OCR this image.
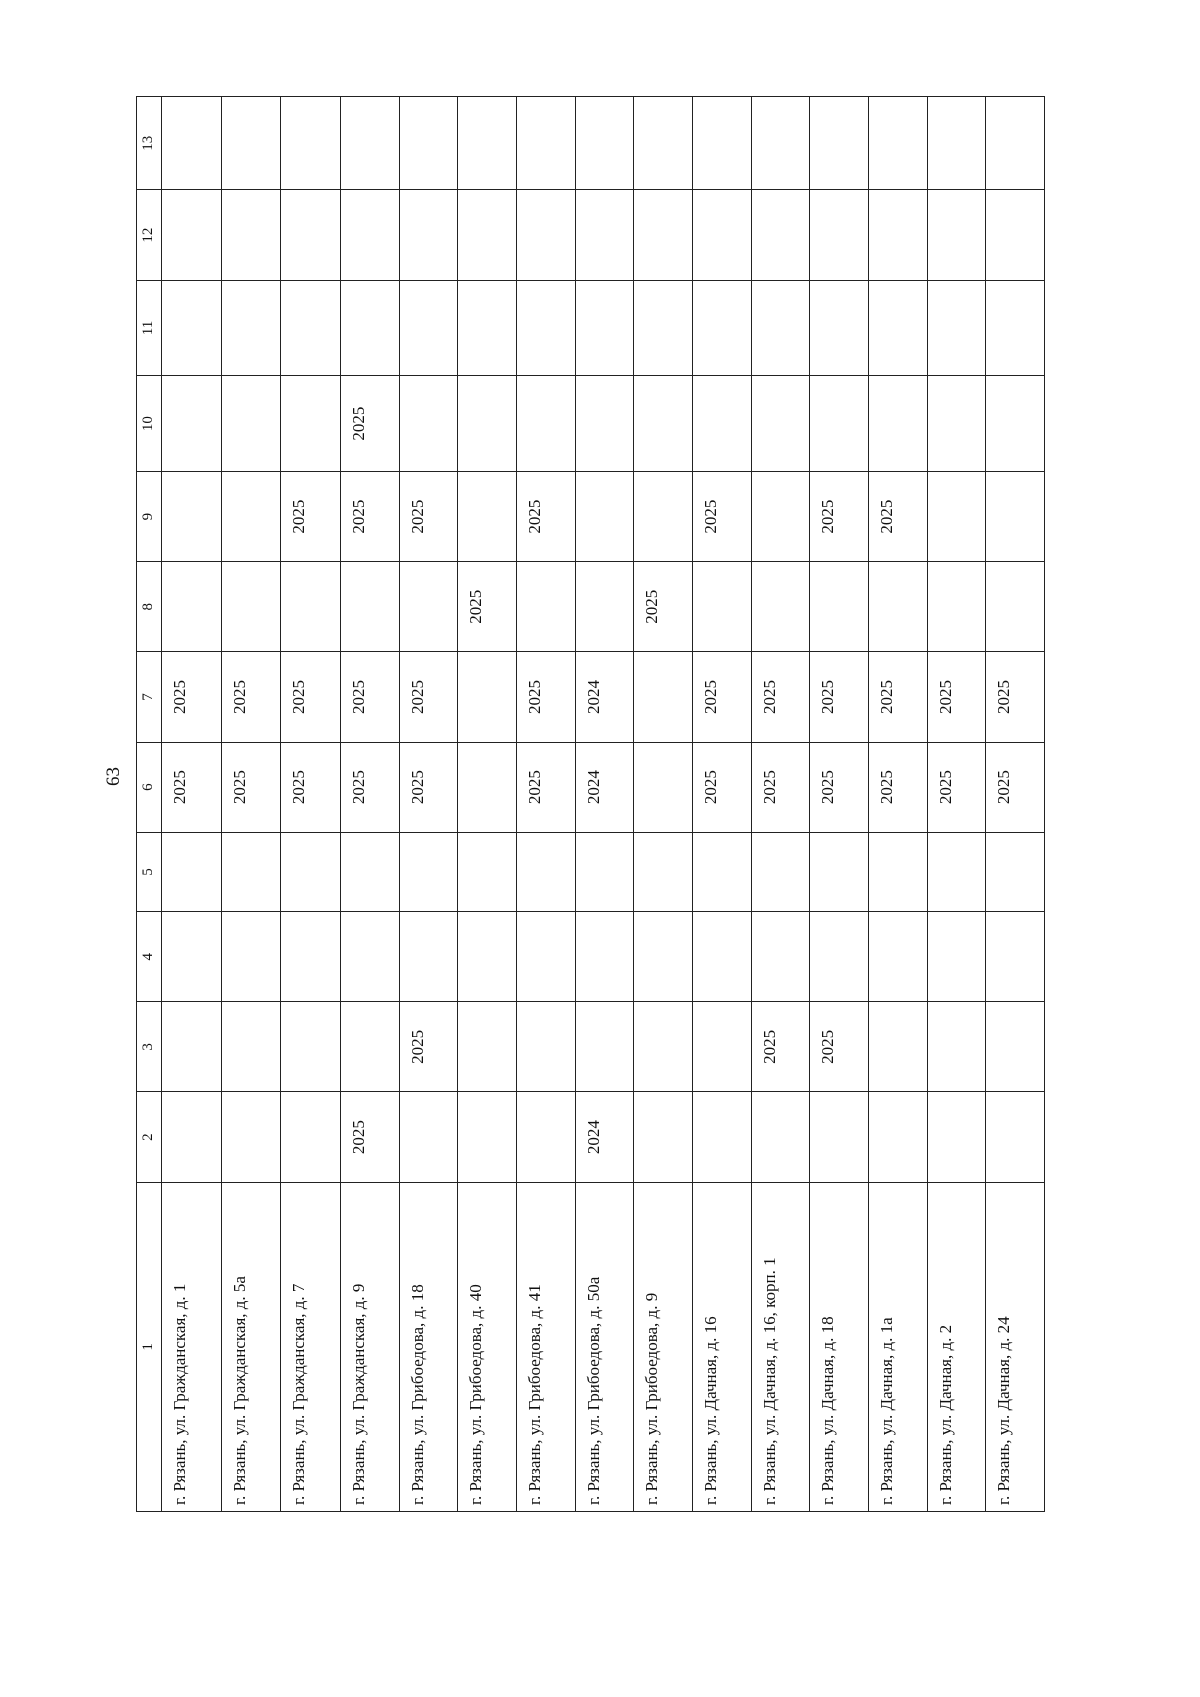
63
1	2	3	4	5	6	7	8	9	10	11	12	13
г. Рязань, ул. Гражданская, д. 1					2025	2025						
г. Рязань, ул. Гражданская, д. 5а					2025	2025						
г. Рязань, ул. Гражданская, д. 7					2025	2025		2025				
г. Рязань, ул. Гражданская, д. 9	2025				2025	2025		2025	2025			
г. Рязань, ул. Грибоедова, д. 18		2025			2025	2025		2025				
г. Рязань, ул. Грибоедова, д. 40							2025					
г. Рязань, ул. Грибоедова, д. 41					2025	2025		2025				
г. Рязань, ул. Грибоедова, д. 50а	2024				2024	2024						
г. Рязань, ул. Грибоедова, д. 9							2025					
г. Рязань, ул. Дачная, д. 16					2025	2025		2025				
г. Рязань, ул. Дачная, д. 16, корп. 1		2025			2025	2025						
г. Рязань, ул. Дачная, д. 18		2025			2025	2025		2025				
г. Рязань, ул. Дачная, д. 1а					2025	2025		2025				
г. Рязань, ул. Дачная, д. 2					2025	2025						
г. Рязань, ул. Дачная, д. 24					2025	2025						
